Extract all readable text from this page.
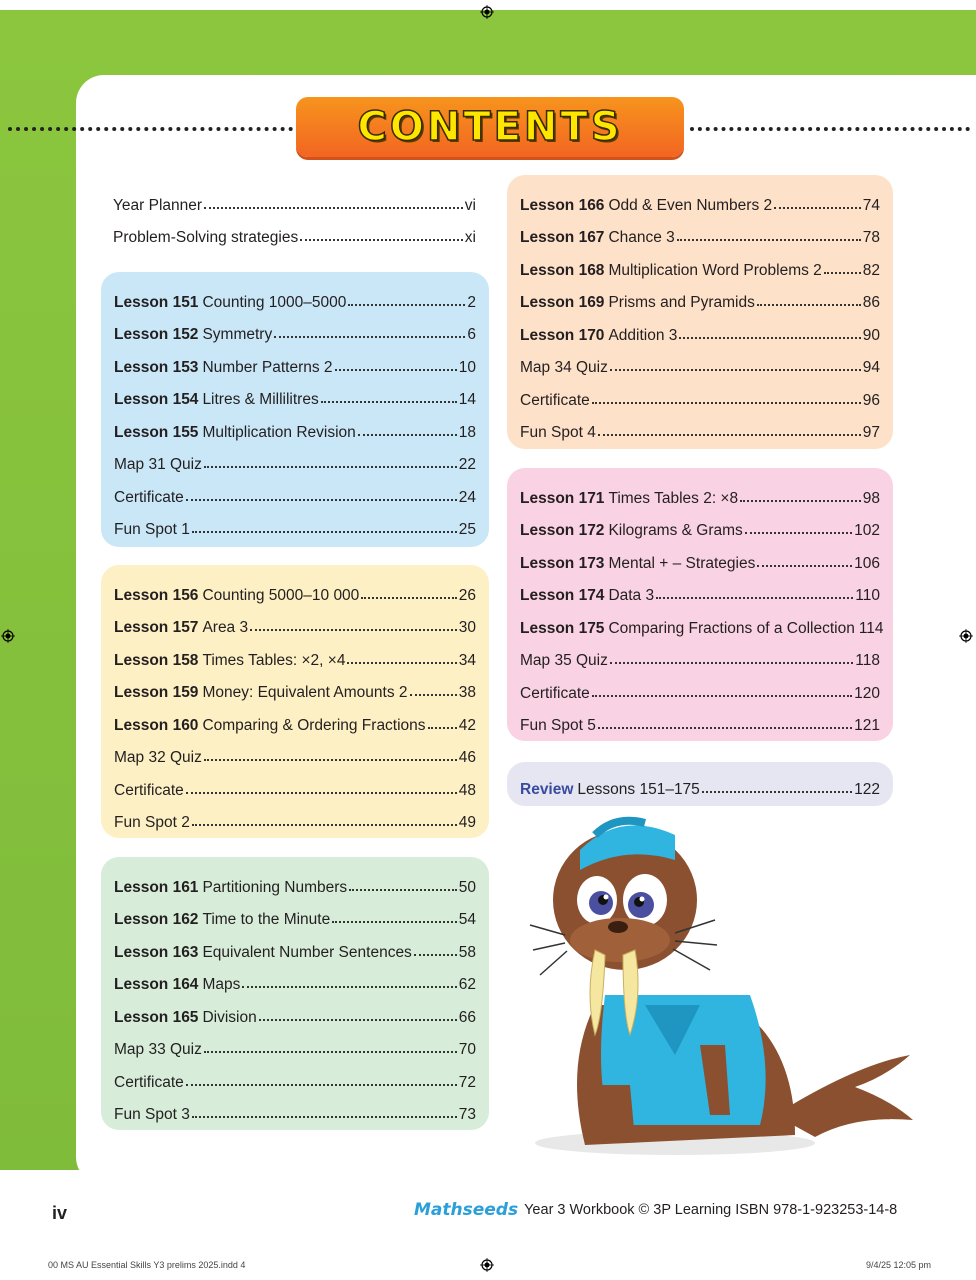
CONTENTS
Year Planner	vi
Problem-Solving strategies	xi
Lesson 151 Counting 1000–5000	2
Lesson 152 Symmetry	6
Lesson 153 Number Patterns 2	10
Lesson 154 Litres & Millilitres	14
Lesson 155 Multiplication Revision	18
Map 31 Quiz	22
Certificate	24
Fun Spot 1	25
Lesson 156 Counting 5000–10 000	26
Lesson 157 Area 3	30
Lesson 158 Times Tables: ×2, ×4	34
Lesson 159 Money: Equivalent Amounts 2	38
Lesson 160 Comparing & Ordering Fractions 42
Map 32 Quiz	46
Certificate	48
Fun Spot 2	49
Lesson 161 Partitioning Numbers	50
Lesson 162 Time to the Minute	54
Lesson 163 Equivalent Number Sentences	58
Lesson 164 Maps	62
Lesson 165 Division	66
Map 33 Quiz	70
Certificate	72
Fun Spot 3	73
Lesson 166 Odd & Even Numbers 2	74
Lesson 167 Chance 3	78
Lesson 168 Multiplication Word Problems 2	82
Lesson 169 Prisms and Pyramids	86
Lesson 170 Addition 3	90
Map 34 Quiz	94
Certificate	96
Fun Spot 4	97
Lesson 171 Times Tables 2: ×8	98
Lesson 172 Kilograms & Grams	102
Lesson 173 Mental + – Strategies	106
Lesson 174 Data 3	110
Lesson 175 Comparing Fractions of a Collection 114
Map 35 Quiz	118
Certificate	120
Fun Spot 5	121
Review Lessons 151–175	122
iv	Mathseeds Year 3 Workbook © 3P Learning ISBN 978-1-923253-14-8
00 MS AU Essential Skills Y3 prelims 2025.indd 4	9/4/25 12:05 pm
